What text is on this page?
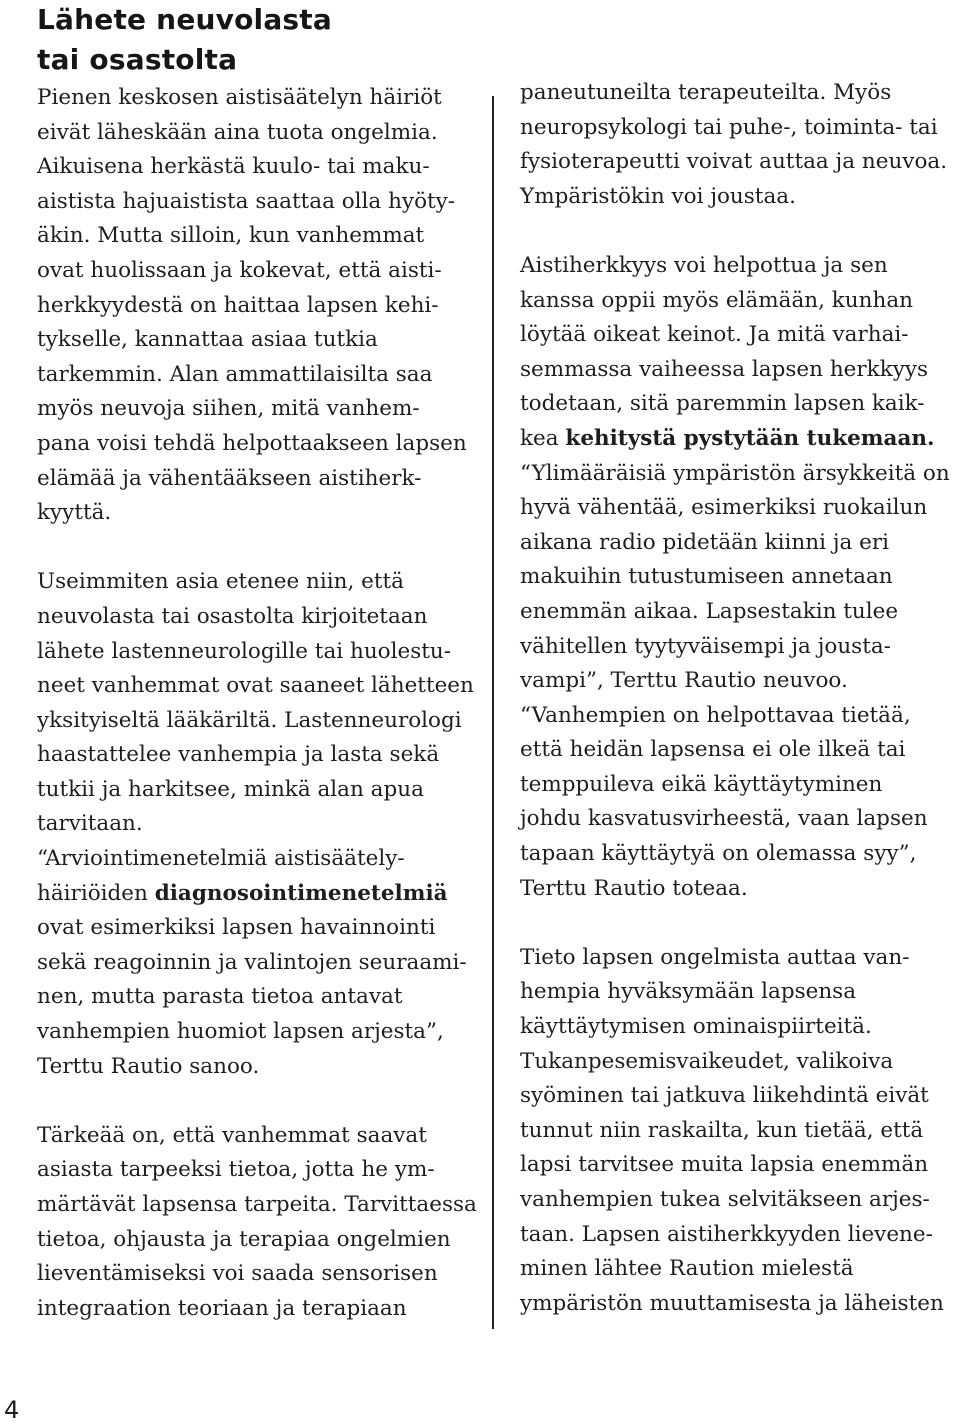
Lähete neuvolasta
tai osastolta
Pienen keskosen aistisäätelyn häiriöt
eivät läheskään aina tuota ongelmia.
Aikuisena herkästä kuulo- tai maku-
aistista hajuaistista saattaa olla hyöty-
äkin. Mutta silloin, kun vanhemmat
ovat huolissaan ja kokevat, että aisti-
herkkyydestä on haittaa lapsen kehi-
tykselle, kannattaa asiaa tutkia
tarkemmin. Alan ammattilaisilta saa
myös neuvoja siihen, mitä vanhem-
pana voisi tehdä helpottaakseen lapsen
elämää ja vähentääkseen aistiherk-
kyyttä.
Useimmiten asia etenee niin, että
neuvolasta tai osastolta kirjoitetaan
lähete lastenneurologille tai huolestu-
neet vanhemmat ovat saaneet lähetteen
yksityiseltä lääkäriltä. Lastenneurologi
haastattelee vanhempia ja lasta sekä
tutkii ja harkitsee, minkä alan apua
tarvitaan.
“Arviointimenetelmiä aistisäätely-
häiriöiden diagnosointimenetelmiä
ovat esimerkiksi lapsen havainnointi
sekä reagoinnin ja valintojen seuraami-
nen, mutta parasta tietoa antavat
vanhempien huomiot lapsen arjesta”,
Terttu Rautio sanoo.
Tärkeää on, että vanhemmat saavat
asiasta tarpeeksi tietoa, jotta he ym-
märtävät lapsensa tarpeita. Tarvittaessa
tietoa, ohjausta ja terapiaa ongelmien
lieventämiseksi voi saada sensorisen
integraation teoriaan ja terapiaan
paneutuneilta terapeuteilta. Myös
neuropsykologi tai puhe-, toiminta- tai
fysioterapeutti voivat auttaa ja neuvoa.
Ympäristökin voi joustaa.
Aistiherkkyys voi helpottua ja sen
kanssa oppii myös elämään, kunhan
löytää oikeat keinot. Ja mitä varhai-
semmassa vaiheessa lapsen herkkyys
todetaan, sitä paremmin lapsen kaik-
kea kehitystä pystytään tukemaan.
“Ylimääräisiä ympäristön ärsykkeitä on
hyvä vähentää, esimerkiksi ruokailun
aikana radio pidetään kiinni ja eri
makuihin tutustumiseen annetaan
enemmän aikaa. Lapsestakin tulee
vähitellen tyytyväisempi ja jousta-
vampi”, Terttu Rautio neuvoo.
“Vanhempien on helpottavaa tietää,
että heidän lapsensa ei ole ilkeä tai
temppuileva eikä käyttäytyminen
johdu kasvatusvirheestä, vaan lapsen
tapaan käyttäytyä on olemassa syy”,
Terttu Rautio toteaa.
Tieto lapsen ongelmista auttaa van-
hempia hyväksymään lapsensa
käyttäytymisen ominaispiirteitä.
Tukanpesemisvaikeudet, valikoiva
syöminen tai jatkuva liikehdintä eivät
tunnut niin raskailta, kun tietää, että
lapsi tarvitsee muita lapsia enemmän
vanhempien tukea selvitäkseen arjes-
taan. Lapsen aistiherkkyyden lievene-
minen lähtee Raution mielestä
ympäristön muuttamisesta ja läheisten
4
